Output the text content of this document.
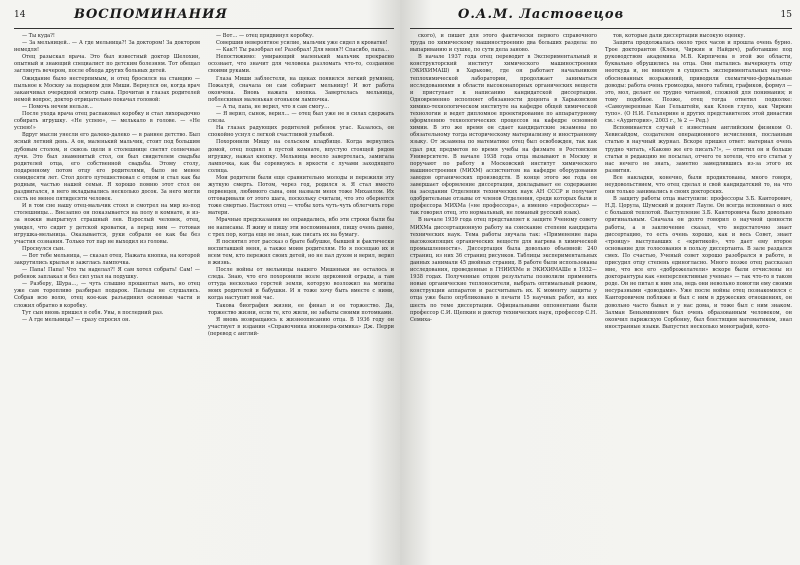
14	ВОСПОМИНАНИЯ

— Ты куда?!

— За мельницей.. — А где мельница?! За доктором! За доктором немедля!

Отец разыскал врача. Это был известный доктор Шелохин, опытный и знающий специалист по детским болезням. Тот обещал заглянуть вечером, после обхода других больных детей.

Ожидание было нестерпимым, и отец бросился на станцию — пыльное к Москву за подарком для Миши. Вернулся он, когда врач заканчивал очередной осмотр сына. Прочитав в глазах родителей немой вопрос, доктор отрицательно покачал головой:

— Помочь нечем нельзя…

После ухода врача отец распаковал коробку и стал лихорадочно собирать игрушку. «Не успею», — мелькало в голове. — «Не успею!»

Вдруг мысли унесли его далеко-далеко — в раннее детство. Был ясный летний день. А он, маленький мальчик, стоит под большим дубовым столом, и сквозь щели в столешнице светят солнечные лучи. Это был знаменитый стол, он был свидетелем свадьбы родителей отца, его собственной свадьбы. Этому столу, подаренному потом отцу его родителями, было не менее семидесяти лет. Стол долго путешествовал с отцом и стал как бы родным, частью нашей семьи. Я хорошо помню этот стол он раздвигался, в него вкладывались несколько досок. За него могли сесть не менее пятидесяти человек.

И в том сне нашу отец-мальчик стоял и смотрел на мир из-под столешницы… Внезапно он показывается на полу в комнате, и из-за ножки выпрыгнул страшный лев. Взрослый человек, отец, увидел, что сидит у детской кроватки, а перед ним — готовая игрушка-мельница. Оказывается, руки собрали ее как бы без участия сознания. Только тот пар не выходил из головы.

Проснулся сын.

— Вот тебе мельница, — сказал отец. Нажата кнопка, на которой закрутились крылья и зажглась лампочка.

— Папа! Папа! Что ты наделал?! Я сам хотел собрать! Сам! — ребенок заплакал и без сил упал на подушку.

— Разберу, Шура…, — чуть слышно прошептал мать, но отец уже сам торопливо разбирал подарок. Пальцы не слушались. Собрав всю волю, отец кое-как разъединил основные части и сложил обратно в коробку.

Тут сын вновь пришел в себя. Увы, в последний раз.

— А где мельница? — сразу спросил он.

— Вот… — отец придвинул коробку.

Совершив невероятное усилие, мальчик уже сидел в кроватке!

— Как?! Ты разобрал ее! Разобрал! Для меня?! Спасибо, папа…

Непостижимо: умирающий маленький мальчик прекрасно осознает, что значит для человека разломать что-то, созданное своими руками.

Глаза Миши заблестели, на щеках появился легкий румянец. Пожалуй, сначала он сам собирает мельницу! И вот работа окончена. Вновь нажата кнопка. Завертелась мельница, поблескивая маленькая огоньком лампочка.

— А ты, папа, не верил, что я сам смогу…

— Я верил, сынок, верил… — отец был уже не в силах сдержать слезы.

На глазах радующих родителей ребенок угас. Казалось, он спокойно уснул с легкой счастливой улыбкой.

Похоронили Мишу на сельском кладбище. Когда вернулись домой, отец поднял в пустой комнате, впустую стоящей рядом игрушку, нажал кнопку. Мельница весело завертелась, замигала лампочка, как бы соревнуясь в яркости с лучами заходящего солнца.

Мои родители были еще сравнительно молоды и пережили эту жуткую смерть. Потом, через год, родился я. Я стал вместо первенцев, любимого сына, они назвали меня тоже Михаилом. Их отговаривали от этого шага, поскольку считали, что это обернется тоже смертью. Настоял отец — чтобы хоть чуть-чуть облегчить горе матери.

Мрачные предсказания не оправдались, ибо эти строки были бы не написаны. Я живу и пишу эти воспоминания, пишу очень давно, с трех пор, когда еще не знал, как писать их на бумагу.

Я посвятил этот рассказ о брате бабушке, бывшей и фактически воспитавшей меня, а также моим родителям. Но я посещаю их и всем тем, кто пережил своих детей, но не пал духом и верил, верил в жизнь.

После войны от мельницы нашего Мишеньки не осталось и следа. Знаю, что его похоронили возле церковной ограды, а там оттуда несколько горстей земли, которую возложил на могилы моих родителей и бабушки. И я тоже хочу быть вместе с ними, когда наступит мой час.

Такова биография жизни, ее финал и ее торжество. Да, торжество жизни, если те, кто жили, не забыты своими потомками.

Я вновь возвращаюсь к жизнеописанию отца. В 1936 году он участвует в издании «Справочника инженера-химика» Дж. Перри (перевод с англий-

О.А.М. Ластовецов	15

ского), и пишет для этого фактически первого справочного труда по химическому машиностроению два больших раздела: по выпариванию и сушке, по сути дела заново.

В начале 1937 года отец переводит в Экспериментальный и конструкторский институт химического машиностроения (ЭКИХИМАШ) в Харькове, где он работает начальником теплохимической лаборатории, продолжает заниматься исследованиями в области высоконапорных органических веществ и приступает к написанию кандидатской диссертации. Одновременно исполняет обязанности доцента в Харьковском химико-технологическом институте на кафедре общей химической технологии и ведет дипломное проектирование по аппаратурному оформлению технологических процессов на кафедре основной химии. В это же время он сдает кандидатские экзамены по обязательному тогда историческому материализму и иностранному языку. От экзамена по математике отец был освобожден, так как сдал ряд предметов во время учебы на физмате в Ростовском Университете. В начале 1938 года отца вызывают в Москву и поручают по работу в Московский институт химического машиностроения (МИХМ) ассистентом на кафедре оборудования заводов органических производств. В конце этого же года он завершает оформление диссертации, докладывает ее содержание на заседании Отделения технических наук АН СССР и получает одобрительные отзывы от членов Отделения, среди которых были и профессора МИХМа («не профессора», а именно «профессоры» — так говорил отец, это нормальный, не ломаный русский язык).

В начале 1939 года отец представляет к защите Ученому совету МИХМа диссертационную работу на соискание степени кандидата технических наук. Тема работы звучала так: «Применение пара высококипящих органических веществ для нагрева в химической промышленности». Диссертация была довольно объемной: 240 страниц, из них 36 страниц рисунков. Таблицы экспериментальных данных занимали 45 двойных страниц. В работе были использованы исследования, проведенные в ГНИИХМе и ЭКИХИМАШе в 1932—1938 годах. Полученные отцом результаты позволили применить новые органические теплоносители, выбрать оптимальный режим, конструкции аппаратов и рассчитывать их. К моменту защиты у отца уже было опубликовано в печати 15 научных работ, из них шесть по теме диссертации. Официальными оппонентами были профессор С.И. Щепкин и доктор технических наук, профессор С.Н. Семиха-

тов, которые дали диссертации высокую оценку.

Защита продолжалась около трех часов и прошла очень бурно. Трое докторантов (Клоев, Чиркин и Найдич), работавшие под руководством академика М.В. Кирпичева в этой же области, буквально обрушились на отца. Они пытались вычеркнуть отцу неоткуда и, не вникнув в сущность экспериментальных научно-обоснованных возражений, приводили схематично-формальные доводы: работа очень громоздка, много таблиц, графиков, формул — это, мол, делает ее трудно читаемой, сложной для понимания; и тому подобное. Позже, отец тогда ответил подколке: «Самоуверенные Кан Гельштейн, как Клоев глупо, как Чиркин тупо». (О Н.И. Гельперине и других представителях этой династии см.: «Аудитория», 2003 г., № 2 — Ред.)

Вспоминается случай с известным английским физиком О. Хевисайдом, создателем операционного исчисления, посланным статью в научный журнал. Вскоре пришел ответ: материал очень трудно читать, «Каково же его писать?!», — ответил он и больше статьи в редакцию не посылал, отчего те хотели, что его статьи у нас нечего не знать, заметно замедлившись из-за этого их развития.

Все накладки, конечно, были продиктованы, много говоря, неудовольствием, что отец сделал и свой кандидатский то, на что они только занимались в своих докторских.

В защиту работы отца выступили: профессоры З.Б. Канторович, Н.Д. Цорула, Шумский и доцент Лауле. Он всегда вспоминал о них с большой теплотой. Выступление З.Б. Канторовича было довольно оригинальным. Сначала он долго говорил о научной ценности работы, а в заключение сказал, что недостаточно знает диссертацию, то есть очень хорошо, как и весь Совет, знает «троицу» выступавших с «критикой», что дает ему второе основание для голосования в пользу диссертанта. В зале раздался смех. По счастью, Ученый совет хорошо разобрался в работе, и присудил отцу степень единогласно. Много позже отец рассказал мне, что все его «доброжелатели» вскоре были отчислены из докторантуры как «неперспективные ученые» — так что-то в таком роде. Он не питал к ним зла, ведь они невольно помогли ему своими несуразными «доводами». Уже после войны отец познакомился с Канторовичем поближе и был с ним в дружеских отношениях, он довольно часто бывал и у нас дома, и тоже был с ним знаком. Залман Беньяминович был очень образованным человеком, он окончил парижскую Сорбонну, был блестящим математиком, знал иностранные языки. Выпустил несколько монографий, кото-
